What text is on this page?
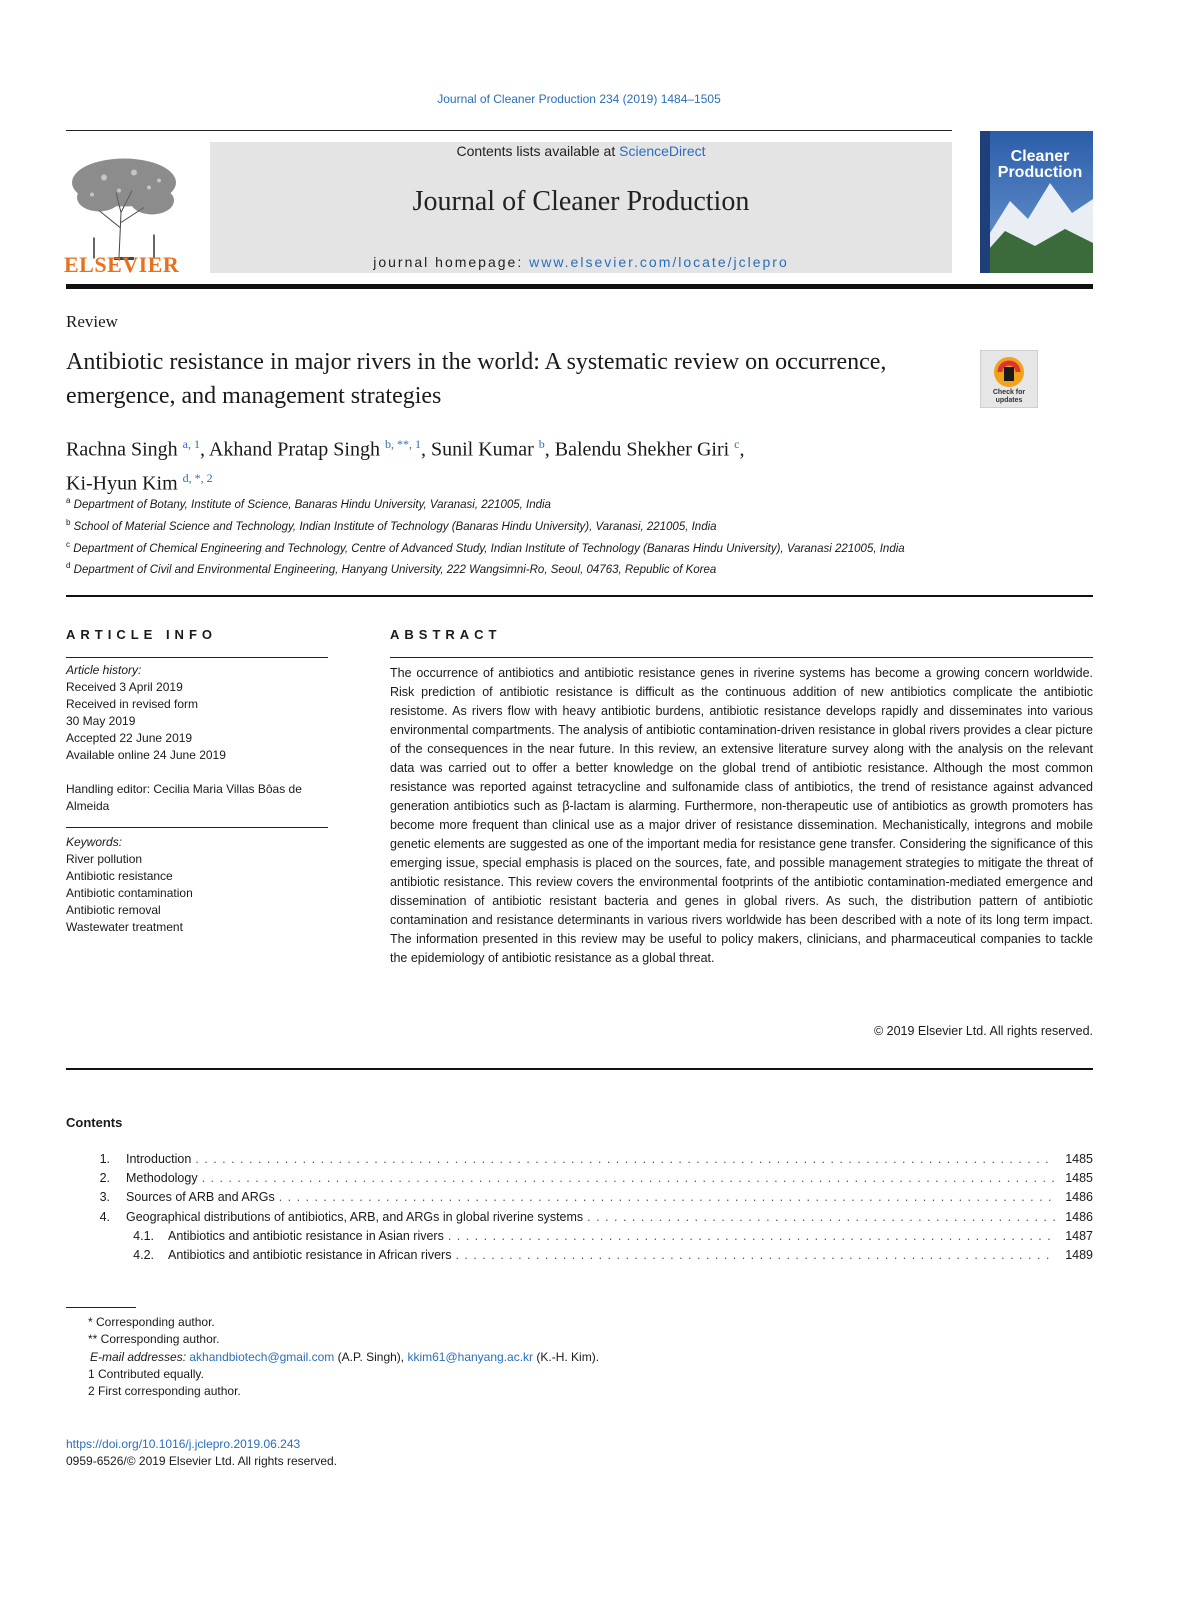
Journal of Cleaner Production 234 (2019) 1484–1505
ELSEVIER
Contents lists available at ScienceDirect
Journal of Cleaner Production
journal homepage: www.elsevier.com/locate/jclepro
Cleaner
Production
Review
Antibiotic resistance in major rivers in the world: A systematic review on occurrence, emergence, and management strategies	Check for
updates
Rachna Singh $^{a, 1}$, Akhand Pratap Singh $^{b, **, 1}$, Sunil Kumar $^b$, Balendu Shekher Giri $^c$,
Ki-Hyun Kim $^{d, *, 2}$
$^a$ Department of Botany, Institute of Science, Banaras Hindu University, Varanasi, 221005, India
$^b$ School of Material Science and Technology, Indian Institute of Technology (Banaras Hindu University), Varanasi, 221005, India
$^c$ Department of Chemical Engineering and Technology, Centre of Advanced Study, Indian Institute of Technology (Banaras Hindu University), Varanasi 221005, India
$^d$ Department of Civil and Environmental Engineering, Hanyang University, 222 Wangsimni-Ro, Seoul, 04763, Republic of Korea
ARTICLE INFO
Article history:
Received 3 April 2019
Received in revised form
30 May 2019
Accepted 22 June 2019
Available online 24 June 2019
Handling editor: Cecilia Maria Villas Bôas de Almeida
Keywords:
River pollution
Antibiotic resistance
Antibiotic contamination
Antibiotic removal
Wastewater treatment
ABSTRACT
The occurrence of antibiotics and antibiotic resistance genes in riverine systems has become a growing concern worldwide. Risk prediction of antibiotic resistance is difficult as the continuous addition of new antibiotics complicate the antibiotic resistome. As rivers flow with heavy antibiotic burdens, antibiotic resistance develops rapidly and disseminates into various environmental compartments. The analysis of antibiotic contamination-driven resistance in global rivers provides a clear picture of the consequences in the near future. In this review, an extensive literature survey along with the analysis on the relevant data was carried out to offer a better knowledge on the global trend of antibiotic resistance. Although the most common resistance was reported against tetracycline and sulfonamide class of antibiotics, the trend of resistance against advanced generation antibiotics such as β-lactam is alarming. Furthermore, non-therapeutic use of antibiotics as growth promoters has become more frequent than clinical use as a major driver of resistance dissemination. Mechanistically, integrons and mobile genetic elements are suggested as one of the important media for resistance gene transfer. Considering the significance of this emerging issue, special emphasis is placed on the sources, fate, and possible management strategies to mitigate the threat of antibiotic resistance. This review covers the environmental footprints of the antibiotic contamination-mediated emergence and dissemination of antibiotic resistant bacteria and genes in global rivers. As such, the distribution pattern of antibiotic contamination and resistance determinants in various rivers worldwide has been described with a note of its long term impact. The information presented in this review may be useful to policy makers, clinicians, and pharmaceutical companies to tackle the epidemiology of antibiotic resistance as a global threat.
© 2019 Elsevier Ltd. All rights reserved.
Contents
1.	Introduction . . .	1485
2.	Methodology . . .	1485
3.	Sources of ARB and ARGs . . .	1486
4.	Geographical distributions of antibiotics, ARB, and ARGs in global riverine systems . . .	1486
4.1.	Antibiotics and antibiotic resistance in Asian rivers . . .	1487
4.2.	Antibiotics and antibiotic resistance in African rivers . . .	1489
* Corresponding author.
** Corresponding author.
E-mail addresses: akhandbiotech@gmail.com (A.P. Singh), kkim61@hanyang.ac.kr (K.-H. Kim).
1 Contributed equally.
2 First corresponding author.
https://doi.org/10.1016/j.jclepro.2019.06.243
0959-6526/© 2019 Elsevier Ltd. All rights reserved.
